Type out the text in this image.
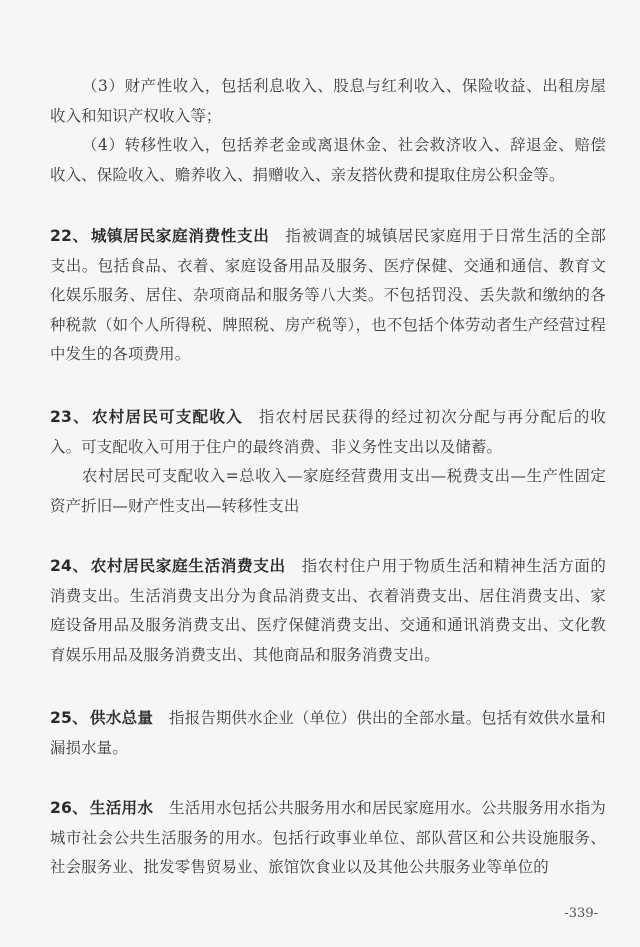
（3）财产性收入，包括利息收入、股息与红利收入、保险收益、出租房屋收入和知识产权收入等；

（4）转移性收入，包括养老金或离退休金、社会救济收入、辞退金、赔偿收入、保险收入、赡养收入、捐赠收入、亲友搭伙费和提取住房公积金等。

22、 城镇居民家庭消费性支出 指被调查的城镇居民家庭用于日常生活的全部支出。包括食品、衣着、家庭设备用品及服务、医疗保健、交通和通信、教育文化娱乐服务、居住、杂项商品和服务等八大类。不包括罚没、丢失款和缴纳的各种税款（如个人所得税、牌照税、房产税等），也不包括个体劳动者生产经营过程中发生的各项费用。

23、 农村居民可支配收入 指农村居民获得的经过初次分配与再分配后的收入。可支配收入可用于住户的最终消费、非义务性支出以及储蓄。

农村居民可支配收入=总收入—家庭经营费用支出—税费支出—生产性固定资产折旧—财产性支出—转移性支出

24、 农村居民家庭生活消费支出 指农村住户用于物质生活和精神生活方面的消费支出。生活消费支出分为食品消费支出、衣着消费支出、居住消费支出、家庭设备用品及服务消费支出、医疗保健消费支出、交通和通讯消费支出、文化教育娱乐用品及服务消费支出、其他商品和服务消费支出。

25、 供水总量 指报告期供水企业（单位）供出的全部水量。包括有效供水量和漏损水量。

26、 生活用水 生活用水包括公共服务用水和居民家庭用水。公共服务用水指为城市社会公共生活服务的用水。包括行政事业单位、部队营区和公共设施服务、社会服务业、批发零售贸易业、旅馆饮食业以及其他公共服务业等单位的

-339-
